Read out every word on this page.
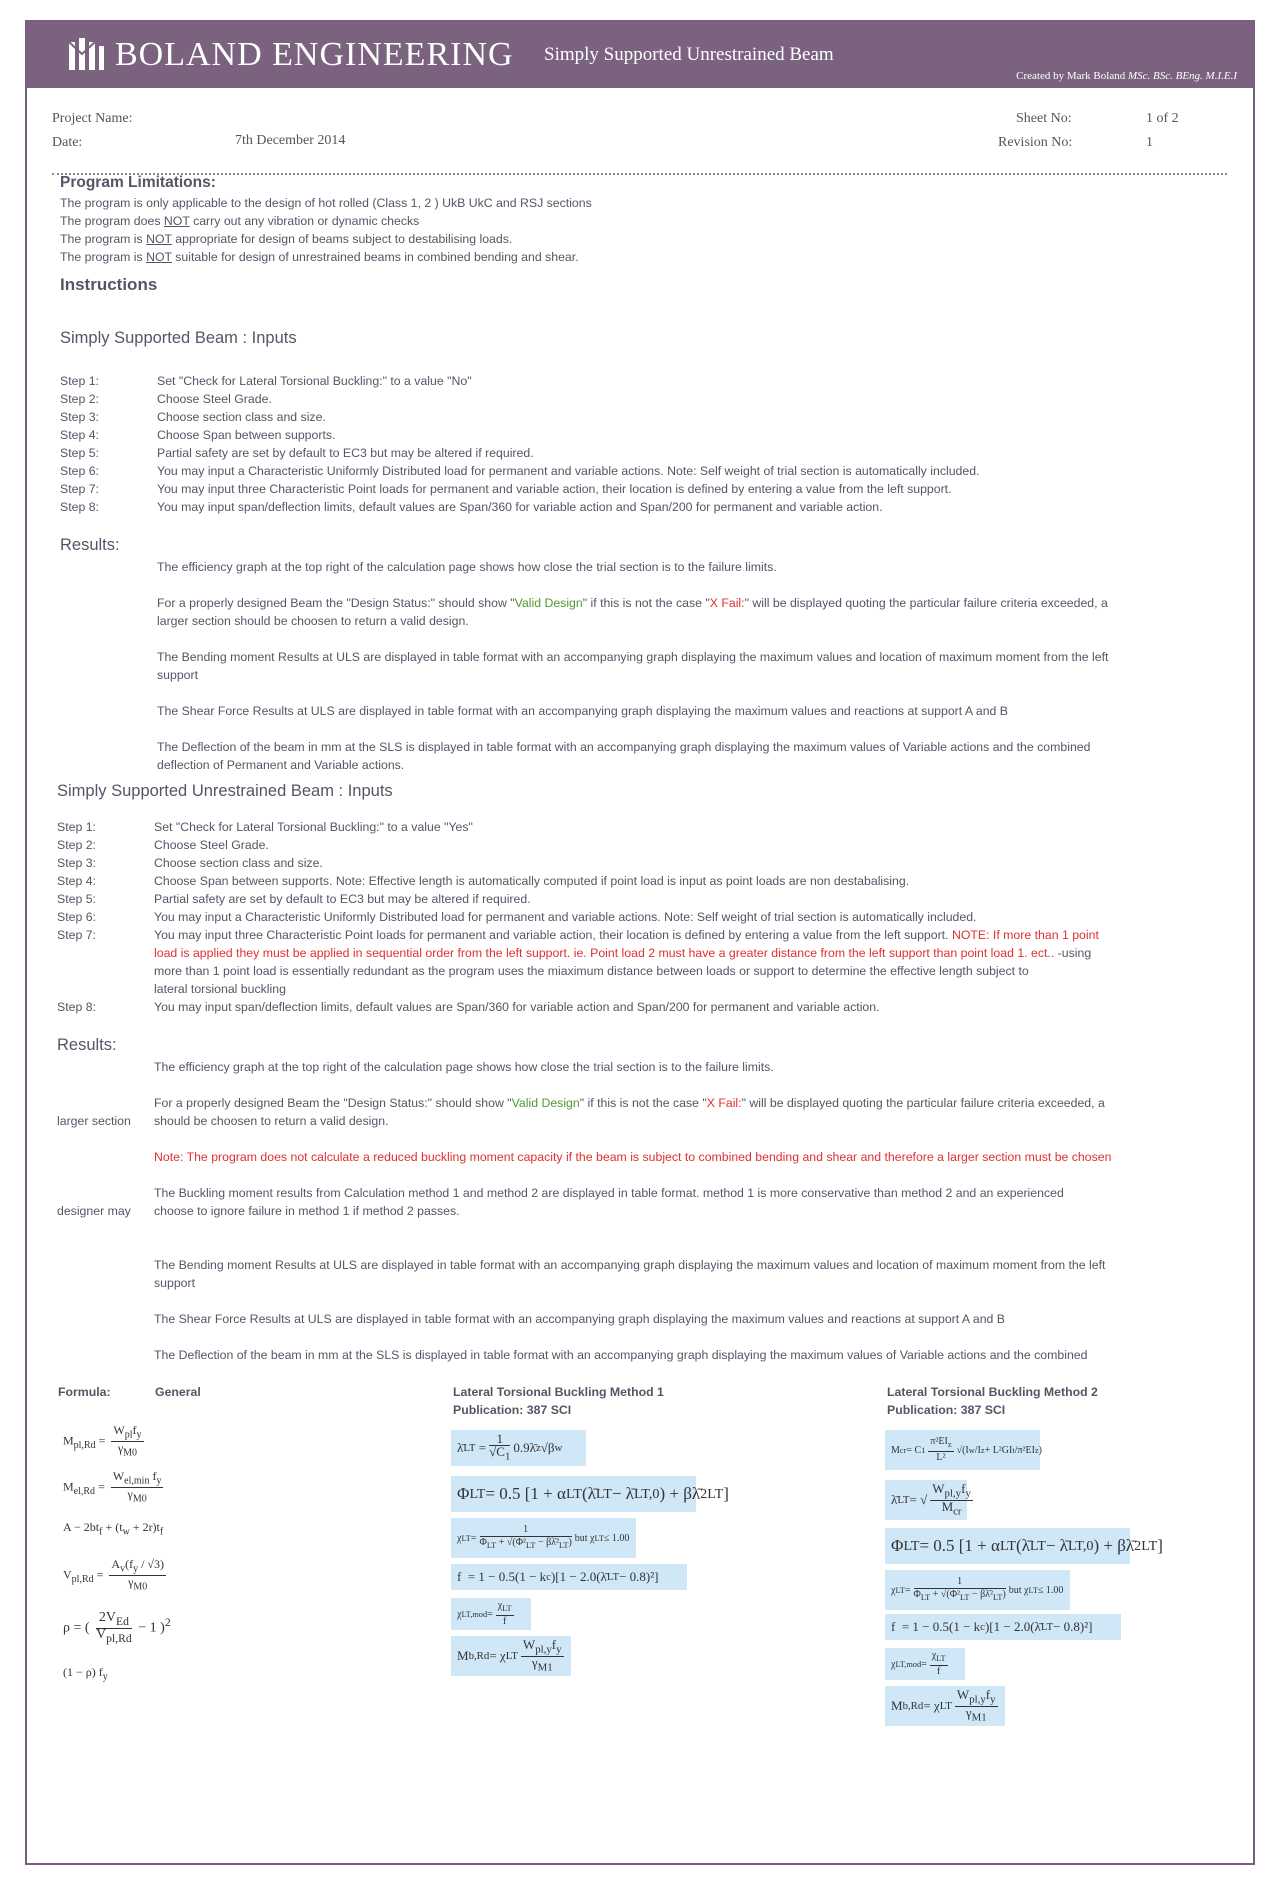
BOLAND ENGINEERING Simply Supported Unrestrained Beam
Created by Mark Boland MSc. BSc. BEng. M.I.E.I
Project Name:
Date:	7th December 2014
Sheet No:	1 of 2
Revision No:	1
Program Limitations:
The program is only applicable to the design of hot rolled (Class 1, 2 ) UkB UkC and RSJ sections
The program does NOT carry out any vibration or dynamic checks
The program is NOT appropriate for design of beams subject to destabilising loads.
The program is NOT suitable for design of unrestrained beams in combined bending and shear.
Instructions
Simply Supported Beam : Inputs
Step 1:	Set "Check for Lateral Torsional Buckling:" to a value "No"
Step 2:	Choose Steel Grade.
Step 3:	Choose section class and size.
Step 4:	Choose Span between supports.
Step 5:	Partial safety are set by default to EC3 but may be altered if required.
Step 6:	You may input a Characteristic Uniformly Distributed load for permanent and variable actions. Note: Self weight of trial section is automatically included.
Step 7:	You may input three Characteristic Point loads for permanent and variable action, their location is defined by entering a value from the left support.
Step 8:	You may input span/deflection limits, default values are Span/360 for variable action and Span/200 for permanent and variable action.
Results:
The efficiency graph at the top right of the calculation page shows how close the trial section is to the failure limits.
For a properly designed Beam the "Design Status:" should show "Valid Design" if this is not the case "X Fail:" will be displayed quoting the particular failure criteria exceeded, a
larger section should be choosen to return a valid design.
The Bending moment Results at ULS are displayed in table format with an accompanying graph displaying the maximum values and location of maximum moment from the left
support
The Shear Force Results at ULS are displayed in table format with an accompanying graph displaying the maximum values and reactions at support A and B
The Deflection of the beam in mm at the SLS is displayed in table format with an accompanying graph displaying the maximum values of Variable actions and the combined
deflection of Permanent and Variable actions.
Simply Supported Unrestrained Beam : Inputs
Step 1:	Set "Check for Lateral Torsional Buckling:" to a value "Yes"
Step 2:	Choose Steel Grade.
Step 3:	Choose section class and size.
Step 4:	Choose Span between supports. Note: Effective length is automatically computed if point load is input as point loads are non destabalising.
Step 5:	Partial safety are set by default to EC3 but may be altered if required.
Step 6:	You may input a Characteristic Uniformly Distributed load for permanent and variable actions. Note: Self weight of trial section is automatically included.
Step 7:	You may input three Characteristic Point loads for permanent and variable action, their location is defined by entering a value from the left support. NOTE: If more than 1 point
load is applied they must be applied in sequential order from the left support. ie. Point load 2 must have a greater distance from the left support than point load 1. ect.. -using
more than 1 point load is essentially redundant as the program uses the miaximum distance between loads or support to determine the effective length subject to
lateral torsional buckling
Step 8:	You may input span/deflection limits, default values are Span/360 for variable action and Span/200 for permanent and variable action.
Results:
The efficiency graph at the top right of the calculation page shows how close the trial section is to the failure limits.
For a properly designed Beam the "Design Status:" should show "Valid Design" if this is not the case "X Fail:" will be displayed quoting the particular failure criteria exceeded, a
larger section should be choosen to return a valid design.
Note: The program does not calculate a reduced buckling moment capacity if the beam is subject to combined bending and shear and therefore a larger section must be chosen
The Buckling moment results from Calculation method 1 and method 2 are displayed in table format. method 1 is more conservative than method 2 and an experienced
designer may choose to ignore failure in method 1 if method 2 passes.
The Bending moment Results at ULS are displayed in table format with an accompanying graph displaying the maximum values and location of maximum moment from the left
support
The Shear Force Results at ULS are displayed in table format with an accompanying graph displaying the maximum values and reactions at support A and B
The Deflection of the beam in mm at the SLS is displayed in table format with an accompanying graph displaying the maximum values of Variable actions and the combined
Formula:	General	Lateral Torsional Buckling Method 1
Publication: 387 SCI
Lateral Torsional Buckling Method 2
Publication: 387 SCI
$M_{pl,Rd} = \frac{W_{pl}f_y}{\gamma_{M0}}$
$M_{el,Rd} = \frac{W_{el,min} f_y}{\gamma_{M0}}$
$A - 2bt_f + (t_w + 2r)t_f$
$V_{pl,Rd} = \frac{A_v(f_y / √3)}{\gamma_{M0}}$
ρ = ( $\frac{2V_{Ed}}{V_{pl,Rd}} - 1$ )$^2$
(1 − ρ) $f_y$
λ̄ LT = $\frac{1}{√C_1}$ 0.9λ̄ z √β w
Φ LT = 0.5 [1 + α LT (λ̄ LT − λ̄ LT,0 ) + βλ̄ 2 LT ]
χ LT = $\frac{1}{\Phi_{LT} + √(\Phi^2_{LT} - \beta\lambdā^2_{LT})}$ but χ LT ≤ 1.00
f  = 1 − 0.5(1 − k c )[1 − 2.0(λ̄ LT − 0.8)²]
χ $LT,mod = \frac{\chi_{LT}}{f}$
M b,Rd = χ LT $\frac{W_{pl,y}f_y}{\gamma_{M1}}$
M cr = C $1 \frac{\pi^2EI_z}{\text{L²}} √(I$ w /I z + L²GI t /π²EI z )
λ̄ LT = √ $\frac{W_{pl,y}f_y}{M_{cr}}$
Φ LT = 0.5 [1 + α LT (λ̄ LT − λ̄ LT,0 ) + βλ̄ 2 LT ]
χ LT = $\frac{1}{\Phi_{LT} + √(\Phi^2_{LT} - \beta\lambdā^2_{LT})}$ but χ LT ≤ 1.00
f  = 1 − 0.5(1 − k c )[1 − 2.0(λ̄ LT − 0.8)²]
χ $LT,mod = \frac{\chi_{LT}}{f}$
M b,Rd = χ LT $\frac{W_{pl,y}f_y}{\gamma_{M1}}$
